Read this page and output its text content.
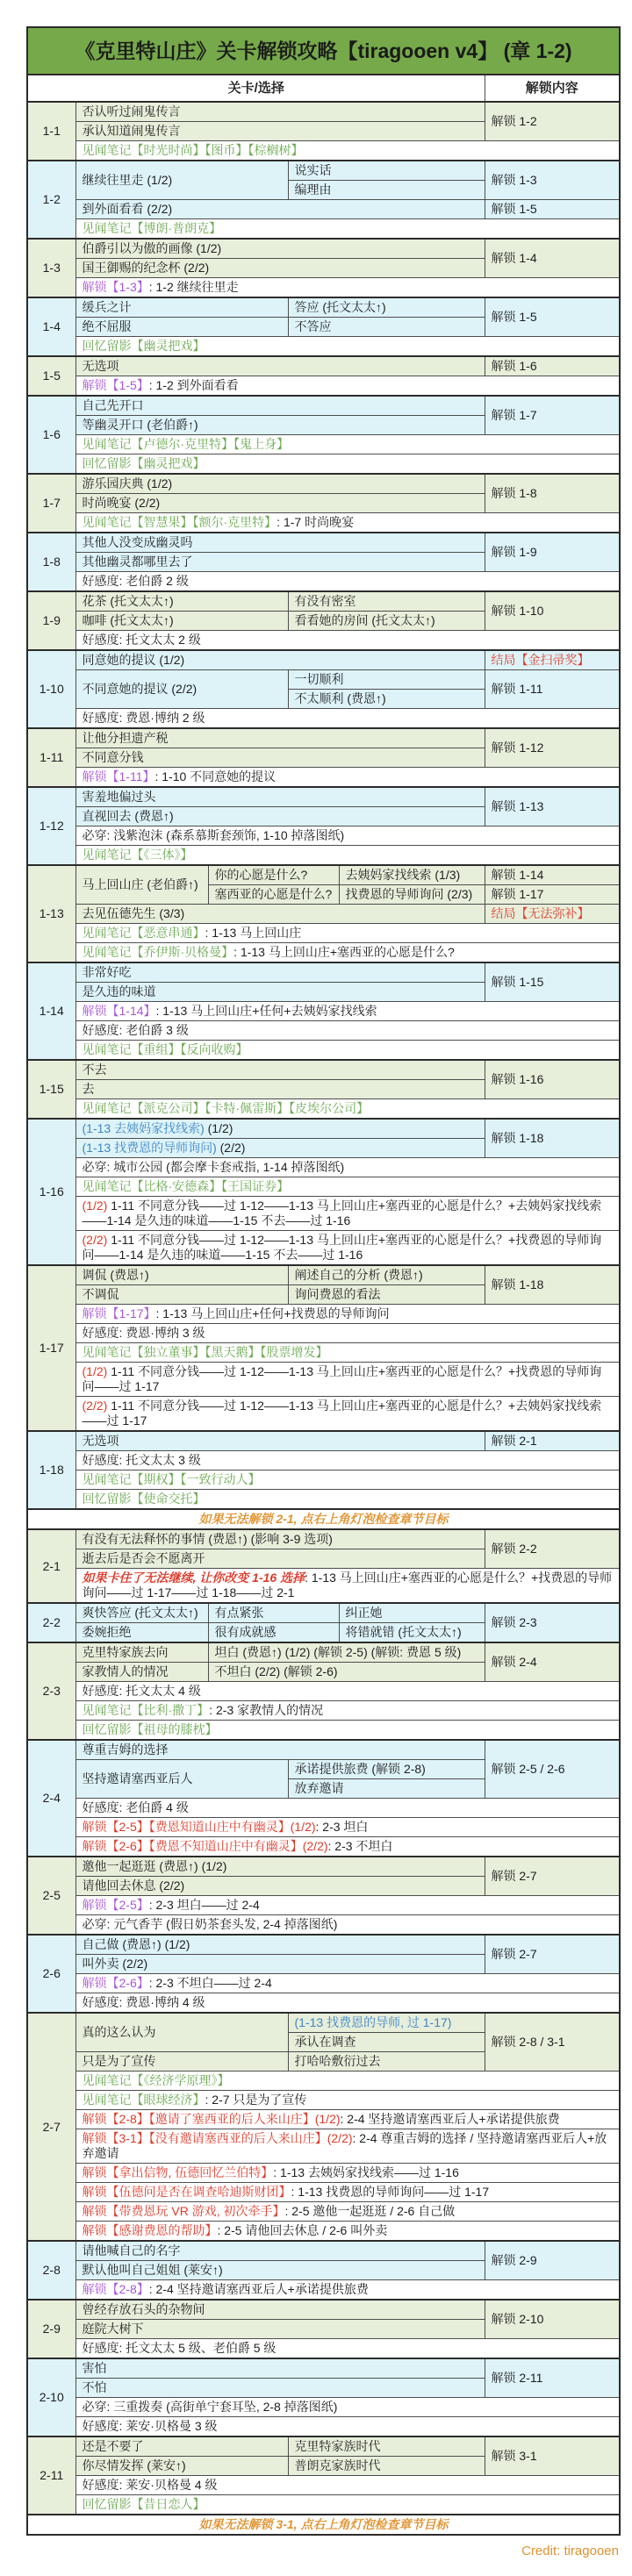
《克里特山庄》关卡解锁攻略【tiragooen v4】 (章 1-2)					
关卡/选择					解锁内容
1-1	否认听过闹鬼传言				解锁 1-2
	承认知道闹鬼传言				
	见闻笔记【时光时尚】【图币】【棕榈树】				
1-2	继续往里走 (1/2)		说实话		解锁 1-3
			编理由		
	到外面看看 (2/2)				解锁 1-5
	见闻笔记【博朗·普朗克】				
1-3	伯爵引以为傲的画像 (1/2)				解锁 1-4
	国王御赐的纪念杯 (2/2)				
	解锁【1-3】: 1-2 继续往里走				
1-4	缓兵之计		答应 (托文太太↑)		解锁 1-5
	绝不屈服		不答应		
	回忆留影【幽灵把戏】				
1-5	无选项				解锁 1-6
	解锁【1-5】: 1-2 到外面看看				
1-6	自己先开口				解锁 1-7
	等幽灵开口 (老伯爵↑)				
	见闻笔记【卢德尔·克里特】【鬼上身】				
	回忆留影【幽灵把戏】				
1-7	游乐园庆典 (1/2)				解锁 1-8
	时尚晚宴 (2/2)				
	见闻笔记【智慧果】【额尔·克里特】: 1-7 时尚晚宴				
1-8	其他人没变成幽灵吗				解锁 1-9
	其他幽灵都哪里去了				
	好感度: 老伯爵 2 级				
1-9	花茶 (托文太太↑)		有没有密室		解锁 1-10
	咖啡 (托文太太↑)		看看她的房间 (托文太太↑)		
	好感度: 托文太太 2 级				
1-10	同意她的提议 (1/2)				结局【金扫帚奖】
	不同意她的提议 (2/2)		一切顺利		解锁 1-11
			不太顺利 (费恩↑)		
	好感度: 费恩·博纳 2 级				
1-11	让他分担遗产税				解锁 1-12
	不同意分钱				
	解锁【1-11】: 1-10 不同意她的提议				
1-12	害羞地偏过头				解锁 1-13
	直视回去 (费恩↑)				
	必穿: 浅紫泡沫 (森系慕斯套颈饰, 1-10 掉落图纸)				
	见闻笔记【《三体》】				
1-13	马上回山庄 (老伯爵↑)	你的心愿是什么?		去姨妈家找线索 (1/3)	解锁 1-14
		塞西亚的心愿是什么?		找费恩的导师询问 (2/3)	解锁 1-17
	去见伍德先生 (3/3)				结局【无法弥补】
	见闻笔记【恶意串通】: 1-13 马上回山庄				
	见闻笔记【乔伊斯·贝格曼】: 1-13 马上回山庄+塞西亚的心愿是什么?				
1-14	非常好吃				解锁 1-15
	是久违的味道				
	解锁【1-14】: 1-13 马上回山庄+任何+去姨妈家找线索				
	好感度: 老伯爵 3 级				
	见闻笔记【重组】【反向收购】				
1-15	不去				解锁 1-16
	去				
	见闻笔记【派克公司】【卡特·佩雷斯】【皮埃尔公司】				
1-16	(1-13 去姨妈家找线索) (1/2)				解锁 1-18
	(1-13 找费恩的导师询问) (2/2)				
	必穿: 城市公园 (都会摩卡套戒指, 1-14 掉落图纸)				
	见闻笔记【比格·安德森】【王国证券】				
	(1/2) 1-11 不同意分钱——过 1-12——1-13 马上回山庄+塞西亚的心愿是什么？+去姨妈家找线索——1-14 是久违的味道——1-15 不去——过 1-16				
	(2/2) 1-11 不同意分钱——过 1-12——1-13 马上回山庄+塞西亚的心愿是什么？+找费恩的导师询问——1-14 是久违的味道——1-15 不去——过 1-16				
1-17	调侃 (费恩↑)		阐述自己的分析 (费恩↑)		解锁 1-18
	不调侃		询问费恩的看法		
	解锁【1-17】: 1-13 马上回山庄+任何+找费恩的导师询问				
	好感度: 费恩·博纳 3 级				
	见闻笔记【独立董事】【黑天鹅】【股票增发】				
	(1/2) 1-11 不同意分钱——过 1-12——1-13 马上回山庄+塞西亚的心愿是什么？+找费恩的导师询问——过 1-17				
	(2/2) 1-11 不同意分钱——过 1-12——1-13 马上回山庄+塞西亚的心愿是什么？+去姨妈家找线索——过 1-17				
1-18	无选项				解锁 2-1
	好感度: 托文太太 3 级				
	见闻笔记【期权】【一致行动人】				
	回忆留影【使命交托】				
如果无法解锁 2-1, 点右上角灯泡检查章节目标					
2-1	有没有无法释怀的事情 (费恩↑) (影响 3-9 选项)				解锁 2-2
	逝去后是否会不愿离开				
	如果卡住了无法继续, 让你改变 1-16 选择: 1-13 马上回山庄+塞西亚的心愿是什么？+找费恩的导师询问——过 1-17——过 1-18——过 2-1				
2-2	爽快答应 (托文太太↑)	有点紧张		纠正她	解锁 2-3
	委婉拒绝	很有成就感		将错就错 (托文太太↑)	
2-3	克里特家族去向	坦白 (费恩↑) (1/2) (解锁 2-5) (解锁: 费恩 5 级)			解锁 2-4
	家教情人的情况	不坦白 (2/2) (解锁 2-6)			
	好感度: 托文太太 4 级				
	见闻笔记【比利·撒丁】: 2-3 家教情人的情况				
	回忆留影【祖母的膝枕】				
2-4	尊重吉姆的选择				解锁 2-5 / 2-6
	坚持邀请塞西亚后人		承诺提供旅费 (解锁 2-8)		
			放弃邀请		
	好感度: 老伯爵 4 级				
	解锁【2-5】【费恩知道山庄中有幽灵】(1/2): 2-3 坦白				
	解锁【2-6】【费恩不知道山庄中有幽灵】(2/2): 2-3 不坦白				
2-5	邀他一起逛逛 (费恩↑) (1/2)				解锁 2-7
	请他回去休息 (2/2)				
	解锁【2-5】: 2-3 坦白——过 2-4				
	必穿: 元气香芋 (假日奶茶套头发, 2-4 掉落图纸)				
2-6	自己做 (费恩↑) (1/2)				解锁 2-7
	叫外卖 (2/2)				
	解锁【2-6】: 2-3 不坦白——过 2-4				
	好感度: 费恩·博纳 4 级				
2-7	真的这么认为		(1-13 找费恩的导师, 过 1-17)		解锁 2-8 / 3-1
			承认在调查		
	只是为了宣传		打哈哈敷衍过去		
	见闻笔记【《经济学原理》】				
	见闻笔记【眼球经济】: 2-7 只是为了宣传				
	解锁【2-8】【邀请了塞西亚的后人来山庄】(1/2): 2-4 坚持邀请塞西亚后人+承诺提供旅费				
	解锁【3-1】【没有邀请塞西亚的后人来山庄】(2/2): 2-4 尊重吉姆的选择 / 坚持邀请塞西亚后人+放弃邀请				
	解锁【拿出信物, 伍德回忆兰伯特】: 1-13 去姨妈家找线索——过 1-16				
	解锁【伍德问是否在调查哈迪斯财团】: 1-13 找费恩的导师询问——过 1-17				
	解锁【带费恩玩 VR 游戏, 初次牵手】: 2-5 邀他一起逛逛 / 2-6 自己做				
	解锁【感谢费恩的帮助】: 2-5 请他回去休息 / 2-6 叫外卖				
2-8	请他喊自己的名字				解锁 2-9
	默认他叫自己姐姐 (莱安↑)				
	解锁【2-8】: 2-4 坚持邀请塞西亚后人+承诺提供旅费				
2-9	曾经存放石头的杂物间				解锁 2-10
	庭院大树下				
	好感度: 托文太太 5 级、老伯爵 5 级				
2-10	害怕				解锁 2-11
	不怕				
	必穿: 三重拨奏 (高街单宁套耳坠, 2-8 掉落图纸)				
	好感度: 莱安·贝格曼 3 级				
2-11	还是不要了		克里特家族时代		解锁 3-1
	你尽情发挥 (莱安↑)		普朗克家族时代		
	好感度: 莱安·贝格曼 4 级				
	回忆留影【昔日恋人】				
如果无法解锁 3-1, 点右上角灯泡检查章节目标					
Credit: tiragooen
